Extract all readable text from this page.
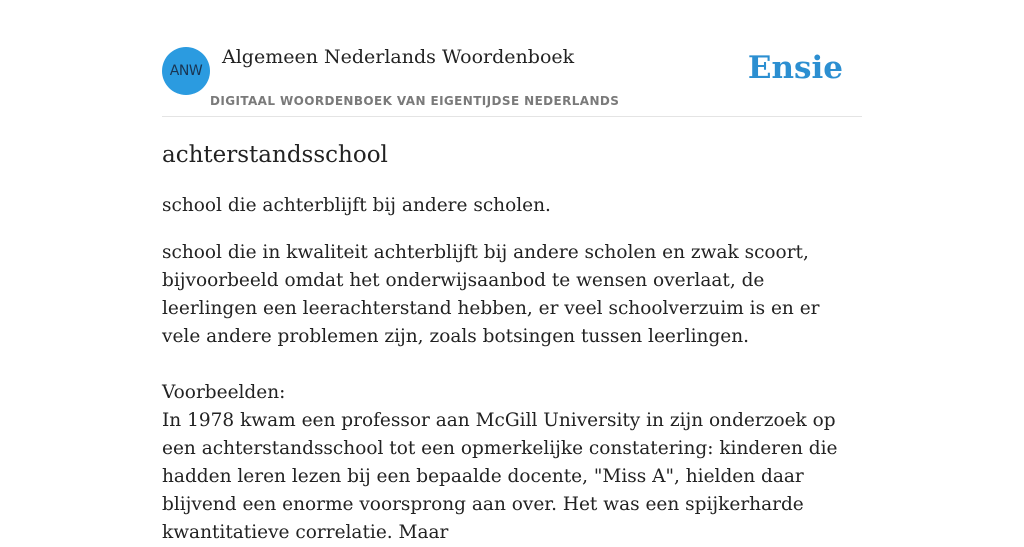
ANW
Algemeen Nederlands Woordenboek
DIGITAAL WOORDENBOEK VAN EIGENTIJDSE NEDERLANDS
Ensie
achterstandsschool

school die achterblijft bij andere scholen.

school die in kwaliteit achterblijft bij andere scholen en zwak scoort, bijvoorbeeld omdat het onderwijsaanbod te wensen overlaat, de leerlingen een leerachterstand hebben, er veel schoolverzuim is en er vele andere problemen zijn, zoals botsingen tussen leerlingen.

Voorbeelden:

In 1978 kwam een professor aan McGill University in zijn onderzoek op een achterstandsschool tot een opmerkelijke constatering: kinderen die hadden leren lezen bij een bepaalde docente, "Miss A", hielden daar blijvend een enorme voorsprong aan over. Het was een spijkerharde kwantitatieve correlatie. Maar
